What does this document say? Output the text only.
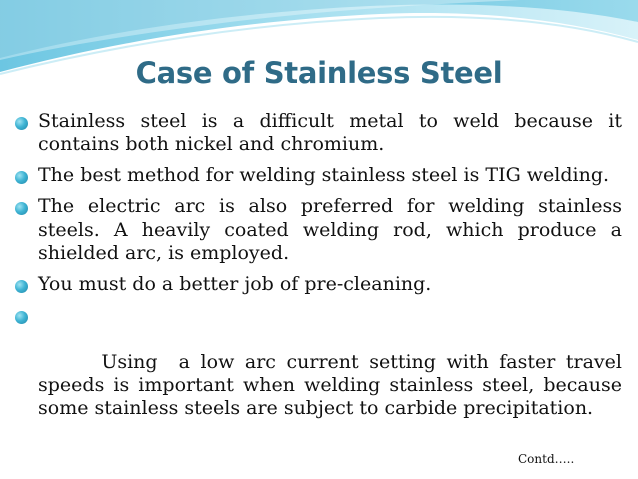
Case of Stainless Steel
Stainless steel is a difficult metal to weld because it contains both nickel and chromium.
The best method for welding stainless steel is TIG welding.
The electric arc is also preferred for welding stainless steels. A heavily coated welding rod, which produce a shielded arc, is employed.
You must do a better job of pre-cleaning.

Using  a low arc current setting with faster travel speeds is important when welding stainless steel, because some stainless steels are subject to carbide precipitation.

Contd…..
